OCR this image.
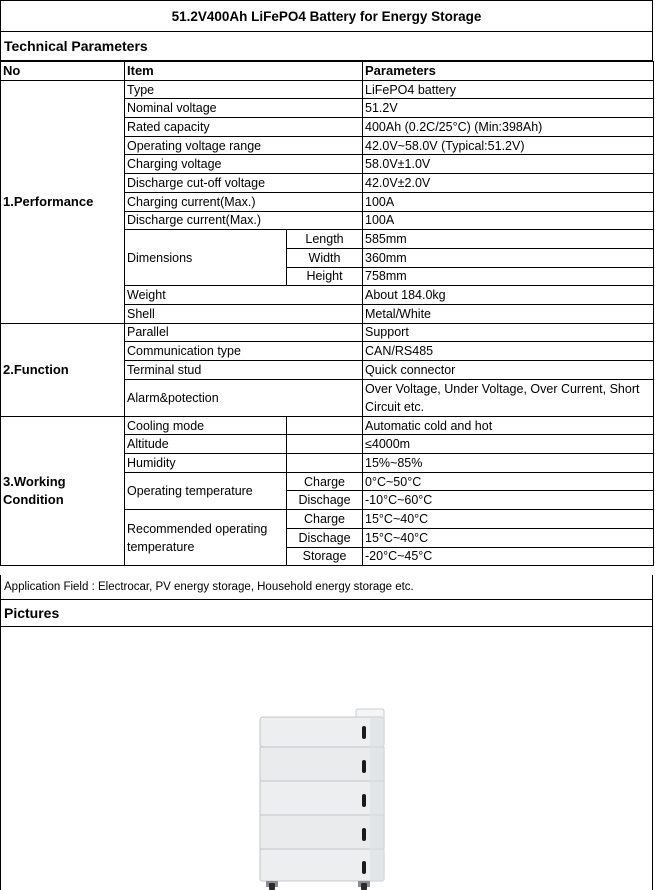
51.2V400Ah LiFePO4 Battery for Energy Storage
Technical Parameters
No	Item		Parameters
1.Performance	Type		LiFePO4 battery
	Nominal voltage		51.2V
	Rated capacity		400Ah (0.2C/25°C) (Min:398Ah)
	Operating voltage range		42.0V~58.0V (Typical:51.2V)
	Charging voltage		58.0V±1.0V
	Discharge cut-off voltage		42.0V±2.0V
	Charging current(Max.)		100A
	Discharge current(Max.)		100A
	Dimensions	Length	585mm
		Width	360mm
		Height	758mm
	Weight		About 184.0kg
	Shell		Metal/White
2.Function	Parallel		Support
	Communication type		CAN/RS485
	Terminal stud		Quick connector
	Alarm&potection		Over Voltage, Under Voltage, Over Current, Short Circuit etc.

3.Working Condition	Cooling mode		Automatic cold and hot
	Altitude		≤4000m
	Humidity		15%~85%
	Operating temperature	Charge	0°C~50°C
		Dischage	-10°C~60°C
	Recommended operating temperature	Charge	15°C~40°C
		Dischage	15°C~40°C
		Storage	-20°C~45°C
Application Field : Electrocar, PV energy storage, Household energy storage etc.
Pictures
